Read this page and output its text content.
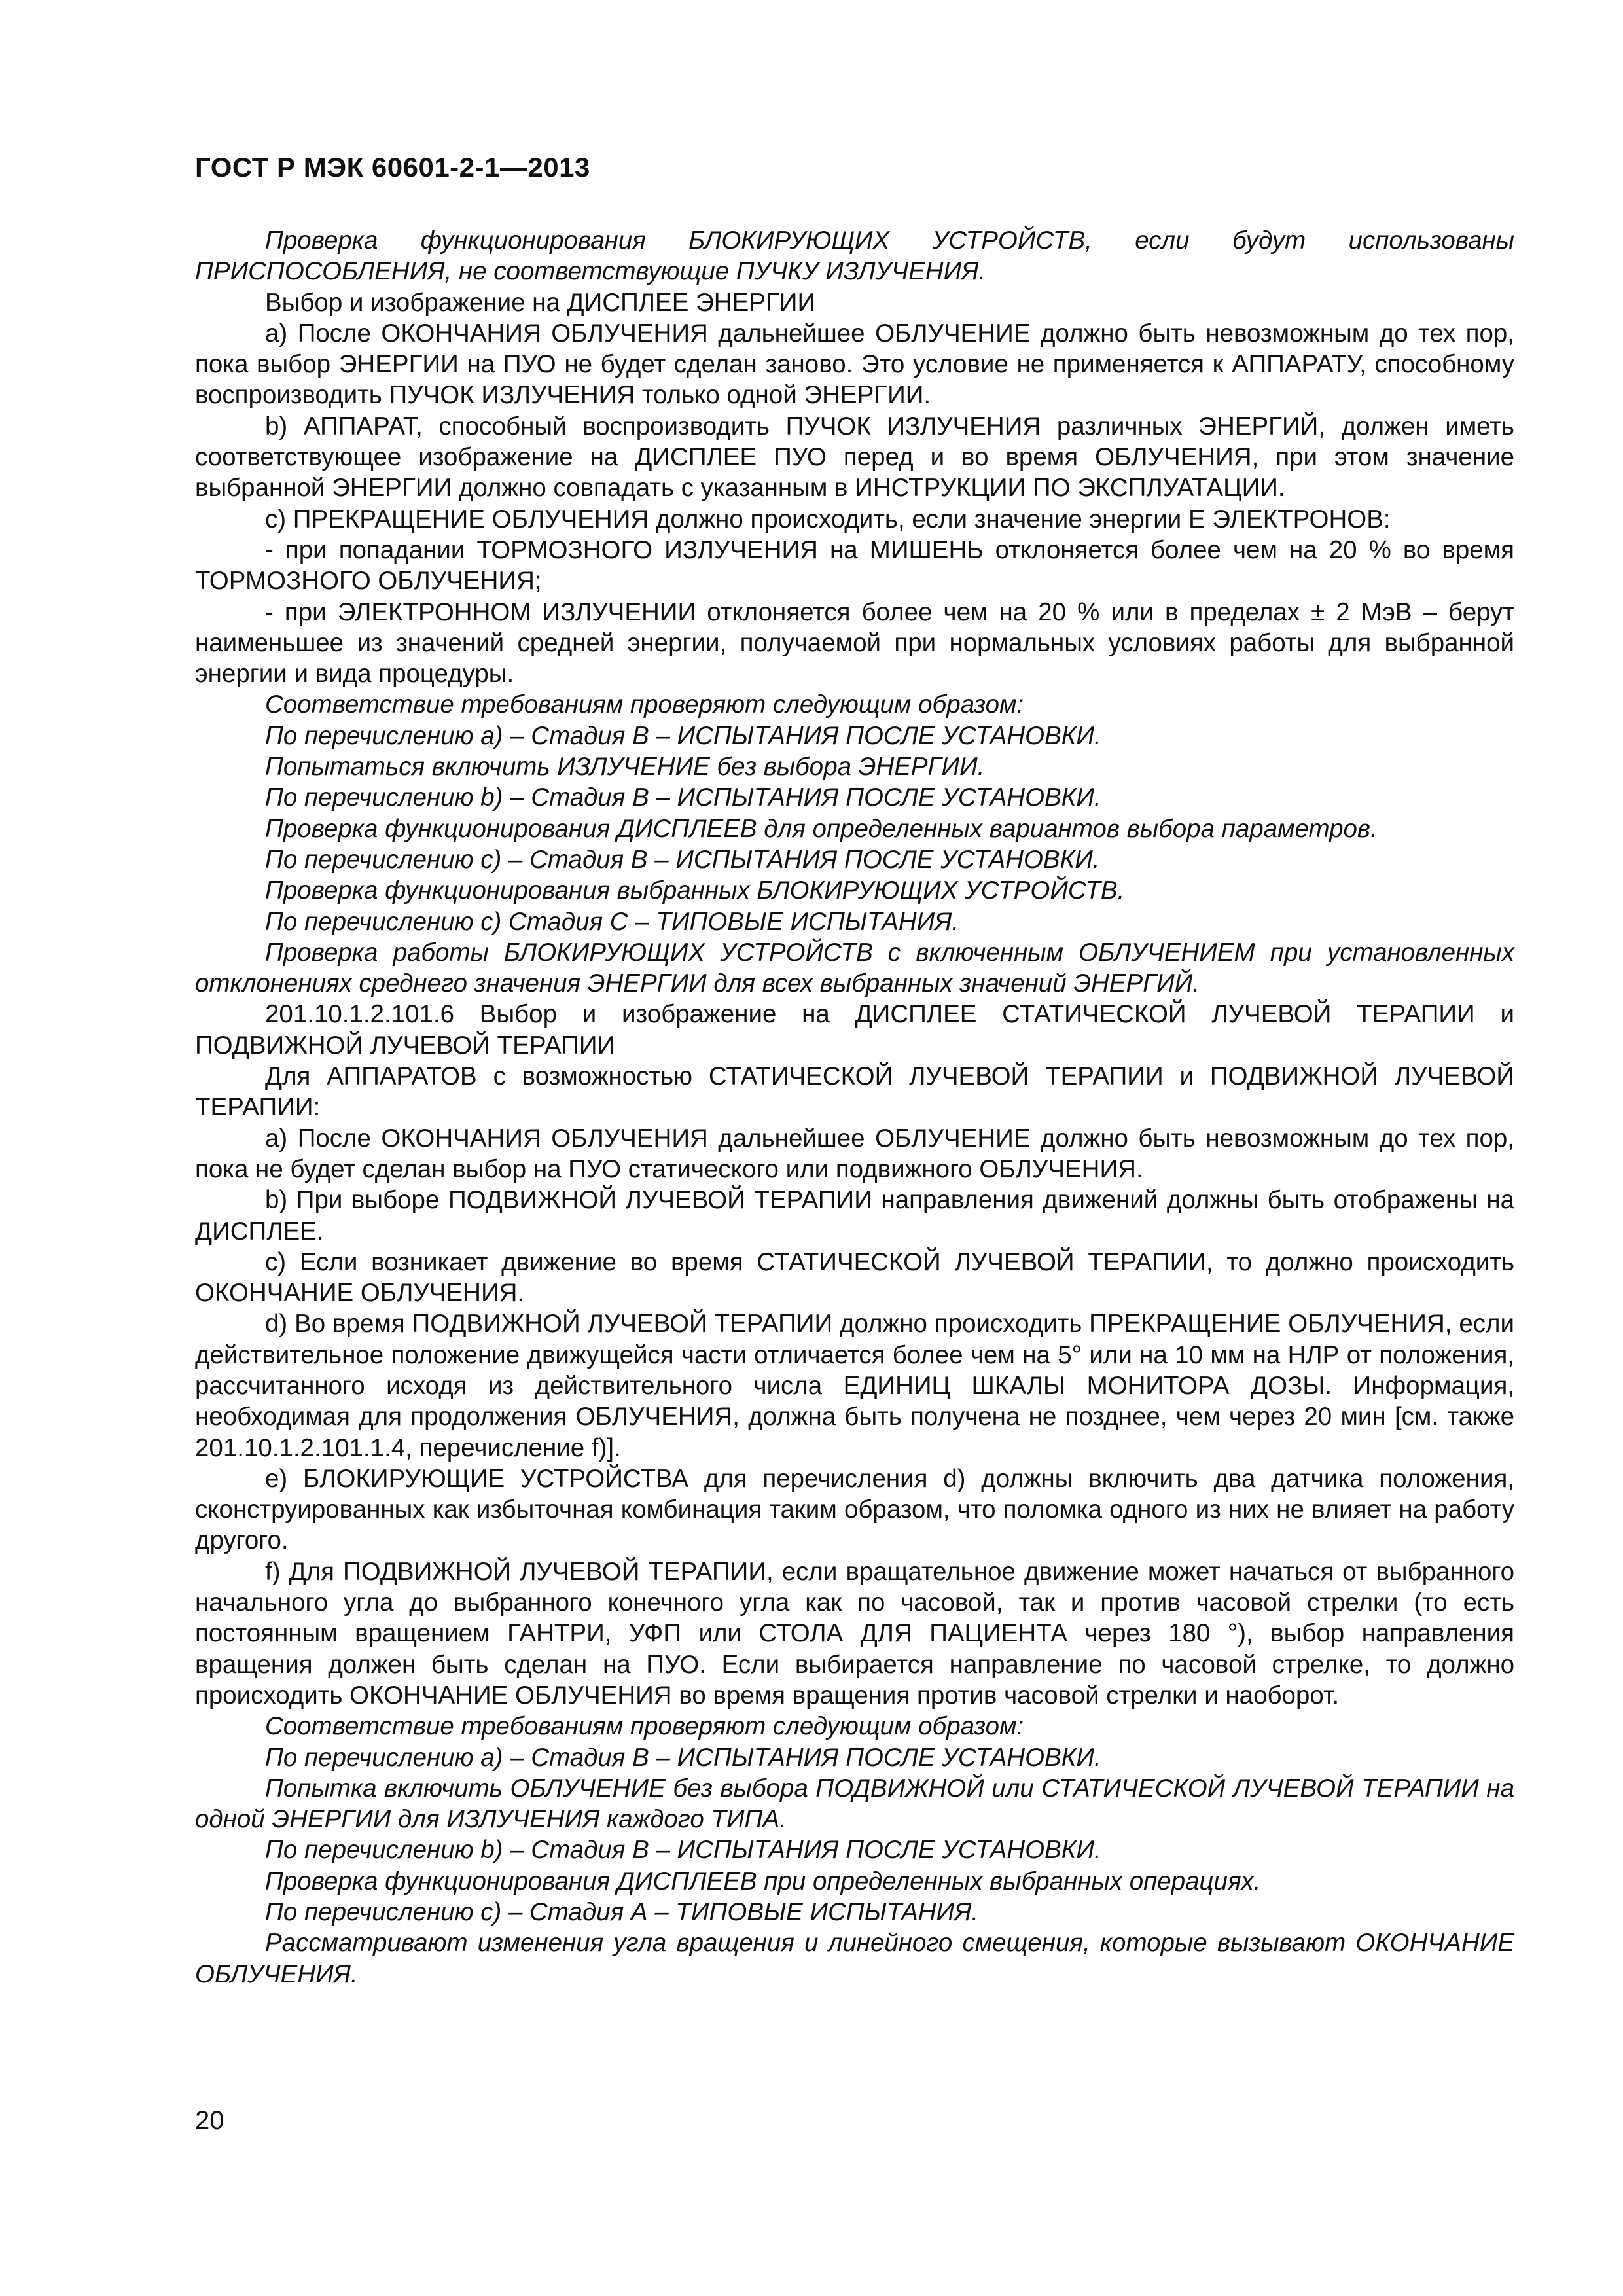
ГОСТ Р МЭК 60601-2-1—2013

Проверка функционирования БЛОКИРУЮЩИХ УСТРОЙСТВ, если будут использованы ПРИСПОСОБЛЕНИЯ, не соответствующие ПУЧКУ ИЗЛУЧЕНИЯ.

Выбор и изображение на ДИСПЛЕЕ ЭНЕРГИИ

a) После ОКОНЧАНИЯ ОБЛУЧЕНИЯ дальнейшее ОБЛУЧЕНИЕ должно быть невозможным до тех пор, пока выбор ЭНЕРГИИ на ПУО не будет сделан заново. Это условие не применяется к АППАРАТУ, способному воспроизводить ПУЧОК ИЗЛУЧЕНИЯ только одной ЭНЕРГИИ.

b) АППАРАТ, способный воспроизводить ПУЧОК ИЗЛУЧЕНИЯ различных ЭНЕРГИЙ, должен иметь соответствующее изображение на ДИСПЛЕЕ ПУО перед и во время ОБЛУЧЕНИЯ, при этом значение выбранной ЭНЕРГИИ должно совпадать с указанным в ИНСТРУКЦИИ ПО ЭКСПЛУАТАЦИИ.

c) ПРЕКРАЩЕНИЕ ОБЛУЧЕНИЯ должно происходить, если значение энергии E ЭЛЕКТРОНОВ:

- при попадании ТОРМОЗНОГО ИЗЛУЧЕНИЯ на МИШЕНЬ отклоняется более чем на 20 % во время ТОРМОЗНОГО ОБЛУЧЕНИЯ;

- при ЭЛЕКТРОННОМ ИЗЛУЧЕНИИ отклоняется более чем на 20 % или в пределах ± 2 МэВ – берут наименьшее из значений средней энергии, получаемой при нормальных условиях работы для выбранной энергии и вида процедуры.

Соответствие требованиям проверяют следующим образом:

По перечислению a) – Стадия B – ИСПЫТАНИЯ ПОСЛЕ УСТАНОВКИ.

Попытаться включить ИЗЛУЧЕНИЕ без выбора ЭНЕРГИИ.

По перечислению b) – Стадия B – ИСПЫТАНИЯ ПОСЛЕ УСТАНОВКИ.

Проверка функционирования ДИСПЛЕЕВ для определенных вариантов выбора параметров.

По перечислению c) – Стадия B – ИСПЫТАНИЯ ПОСЛЕ УСТАНОВКИ.

Проверка функционирования выбранных БЛОКИРУЮЩИХ УСТРОЙСТВ.

По перечислению c) Стадия C – ТИПОВЫЕ ИСПЫТАНИЯ.

Проверка работы БЛОКИРУЮЩИХ УСТРОЙСТВ с включенным ОБЛУЧЕНИЕМ при установленных отклонениях среднего значения ЭНЕРГИИ для всех выбранных значений ЭНЕРГИЙ.

201.10.1.2.101.6 Выбор и изображение на ДИСПЛЕЕ СТАТИЧЕСКОЙ ЛУЧЕВОЙ ТЕРАПИИ и ПОДВИЖНОЙ ЛУЧЕВОЙ ТЕРАПИИ

Для АППАРАТОВ с возможностью СТАТИЧЕСКОЙ ЛУЧЕВОЙ ТЕРАПИИ и ПОДВИЖНОЙ ЛУЧЕВОЙ ТЕРАПИИ:

a) После ОКОНЧАНИЯ ОБЛУЧЕНИЯ дальнейшее ОБЛУЧЕНИЕ должно быть невозможным до тех пор, пока не будет сделан выбор на ПУО статического или подвижного ОБЛУЧЕНИЯ.

b) При выборе ПОДВИЖНОЙ ЛУЧЕВОЙ ТЕРАПИИ направления движений должны быть отображены на ДИСПЛЕЕ.

c) Если возникает движение во время СТАТИЧЕСКОЙ ЛУЧЕВОЙ ТЕРАПИИ, то должно происходить ОКОНЧАНИЕ ОБЛУЧЕНИЯ.

d) Во время ПОДВИЖНОЙ ЛУЧЕВОЙ ТЕРАПИИ должно происходить ПРЕКРАЩЕНИЕ ОБЛУЧЕНИЯ, если действительное положение движущейся части отличается более чем на 5° или на 10 мм на НЛР от положения, рассчитанного исходя из действительного числа ЕДИНИЦ ШКАЛЫ МОНИТОРА ДОЗЫ. Информация, необходимая для продолжения ОБЛУЧЕНИЯ, должна быть получена не позднее, чем через 20 мин [см. также 201.10.1.2.101.1.4, перечисление f)].

e) БЛОКИРУЮЩИЕ УСТРОЙСТВА для перечисления d) должны включить два датчика положения, сконструированных как избыточная комбинация таким образом, что поломка одного из них не влияет на работу другого.

f) Для ПОДВИЖНОЙ ЛУЧЕВОЙ ТЕРАПИИ, если вращательное движение может начаться от выбранного начального угла до выбранного конечного угла как по часовой, так и против часовой стрелки (то есть постоянным вращением ГАНТРИ, УФП или СТОЛА ДЛЯ ПАЦИЕНТА через 180 °), выбор направления вращения должен быть сделан на ПУО. Если выбирается направление по часовой стрелке, то должно происходить ОКОНЧАНИЕ ОБЛУЧЕНИЯ во время вращения против часовой стрелки и наоборот.

Соответствие требованиям проверяют следующим образом:

По перечислению a) – Стадия B – ИСПЫТАНИЯ ПОСЛЕ УСТАНОВКИ.

Попытка включить ОБЛУЧЕНИЕ без выбора ПОДВИЖНОЙ или СТАТИЧЕСКОЙ ЛУЧЕВОЙ ТЕРАПИИ на одной ЭНЕРГИИ для ИЗЛУЧЕНИЯ каждого ТИПА.

По перечислению b) – Стадия B – ИСПЫТАНИЯ ПОСЛЕ УСТАНОВКИ.

Проверка функционирования ДИСПЛЕЕВ при определенных выбранных операциях.

По перечислению c) – Стадия А – ТИПОВЫЕ ИСПЫТАНИЯ.

Рассматривают изменения угла вращения и линейного смещения, которые вызывают ОКОНЧАНИЕ ОБЛУЧЕНИЯ.

20
